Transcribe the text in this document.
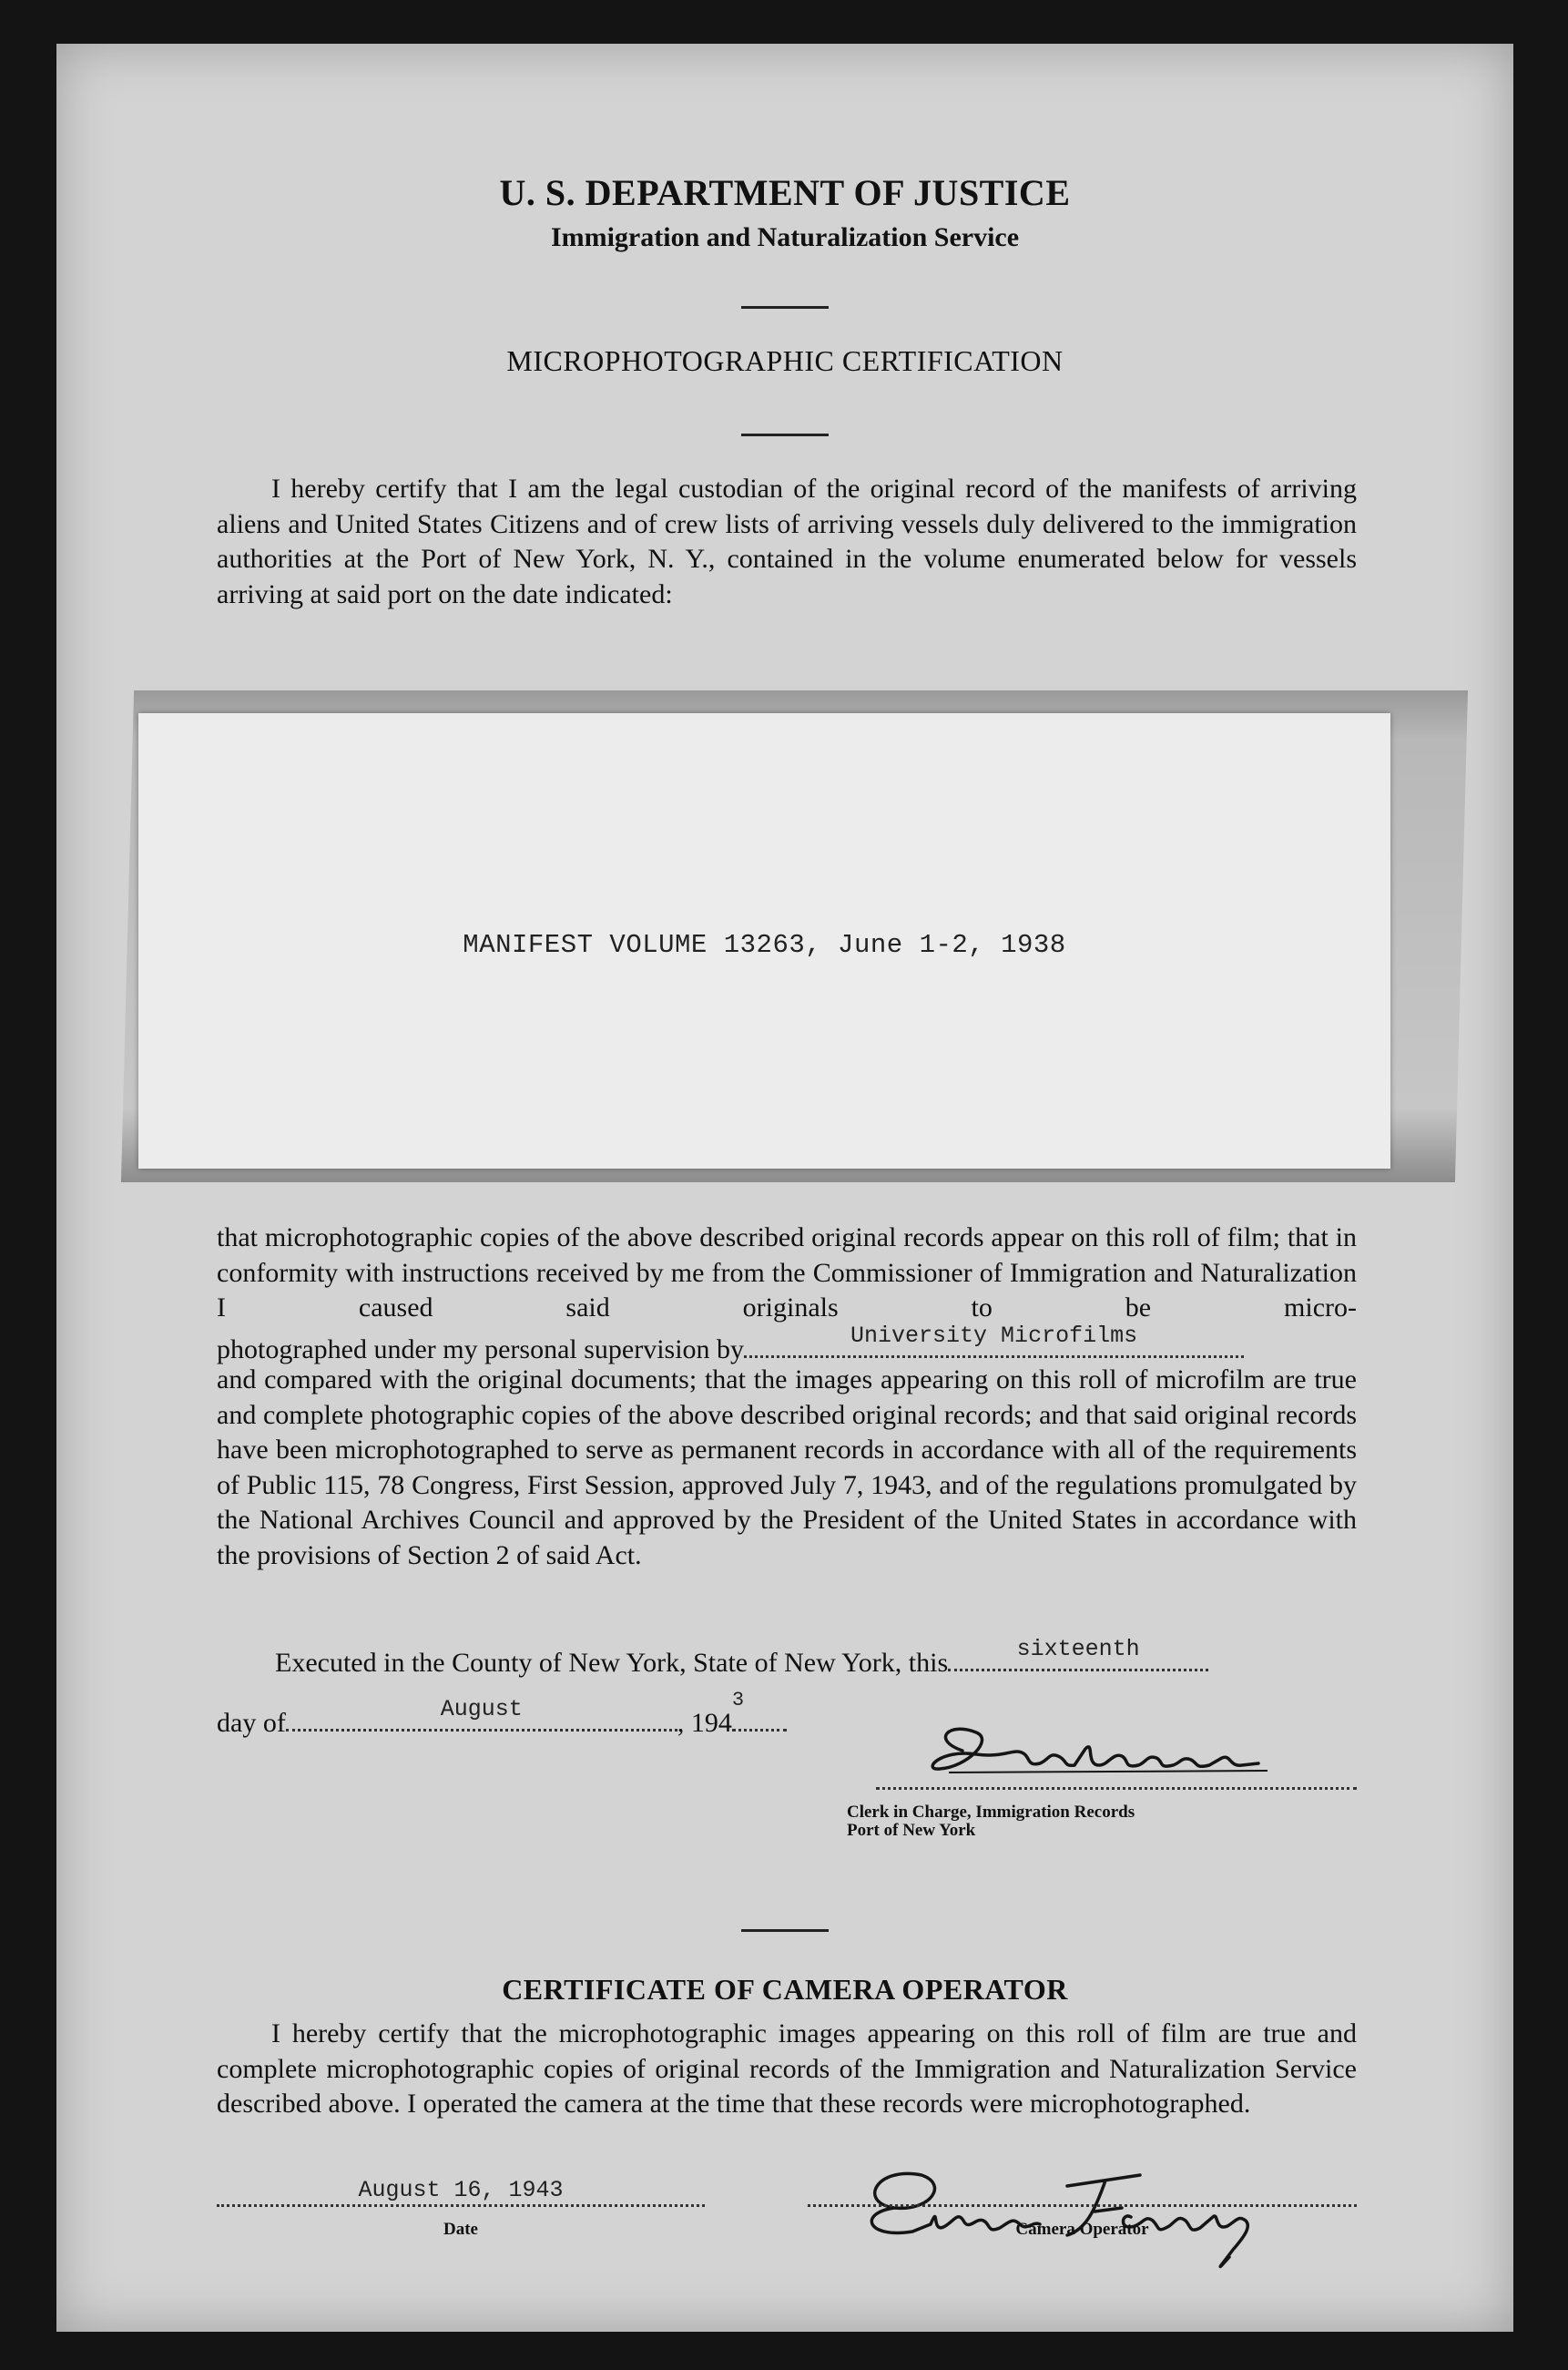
U. S. DEPARTMENT OF JUSTICE
Immigration and Naturalization Service
MICROPHOTOGRAPHIC CERTIFICATION

I hereby certify that I am the legal custodian of the original record of the manifests of arriving aliens and United States Citizens and of crew lists of arriving vessels duly delivered to the immigration authorities at the Port of New York, N. Y., contained in the volume enumerated below for vessels arriving at said port on the date indicated:

MANIFEST VOLUME 13263, June 1-2, 1938

that microphotographic copies of the above described original records appear on this roll of film; that in conformity with instructions received by me from the Commissioner of Immigration and Naturalization I caused said originals to be micro-

photographed under my personal supervision by	University Microfilms

and compared with the original documents; that the images appearing on this roll of microfilm are true and complete photographic copies of the above described original records; and that said original records have been microphotographed to serve as permanent records in accordance with all of the requirements of Public 115, 78 Congress, First Session, approved July 7, 1943, and of the regulations promulgated by the National Archives Council and approved by the President of the United States in accordance with the provisions of Section 2 of said Act.

Executed in the County of New York, State of New York, this	sixteenth
day of	August	, 194
3
Clerk in Charge, Immigration Records
Port of New York
CERTIFICATE OF CAMERA OPERATOR

I hereby certify that the microphotographic images appearing on this roll of film are true and complete microphotographic copies of original records of the Immigration and Naturalization Service described above. I operated the camera at the time that these records were microphotographed.

August 16, 1943
Date	Camera Operator
